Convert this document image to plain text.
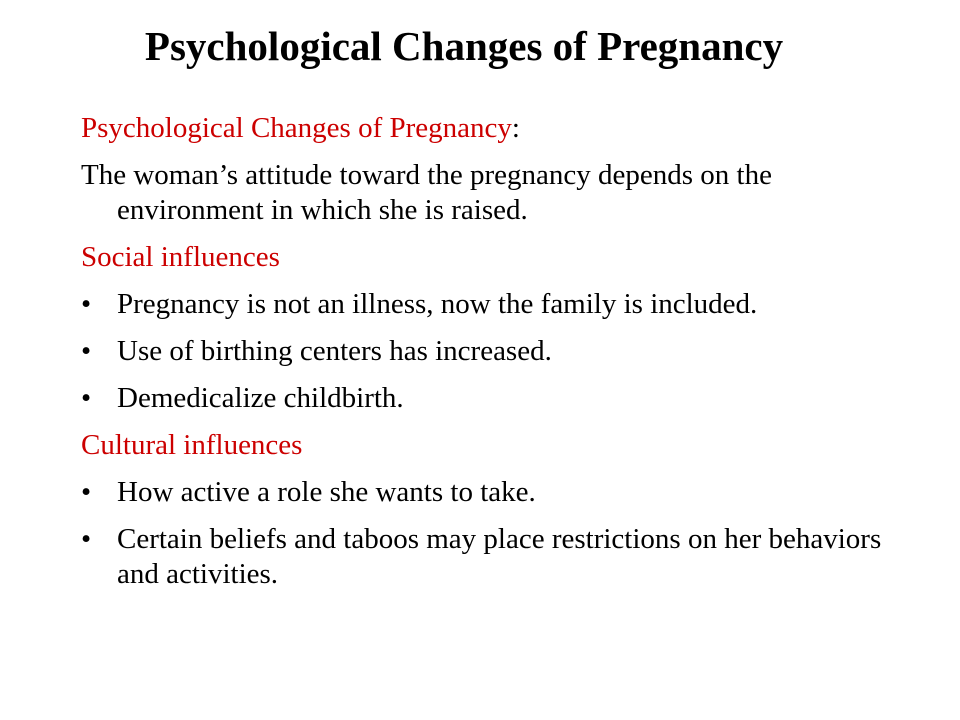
Psychological Changes of Pregnancy

Psychological Changes of Pregnancy:

The woman’s attitude toward the pregnancy depends on the environment in which she is raised.

Social influences

• Pregnancy is not an illness, now the family is included.
• Use of birthing centers has increased.
• Demedicalize childbirth.

Cultural influences

• How active a role she wants to take.
• Certain beliefs and taboos may place restrictions on her behaviors and activities.
